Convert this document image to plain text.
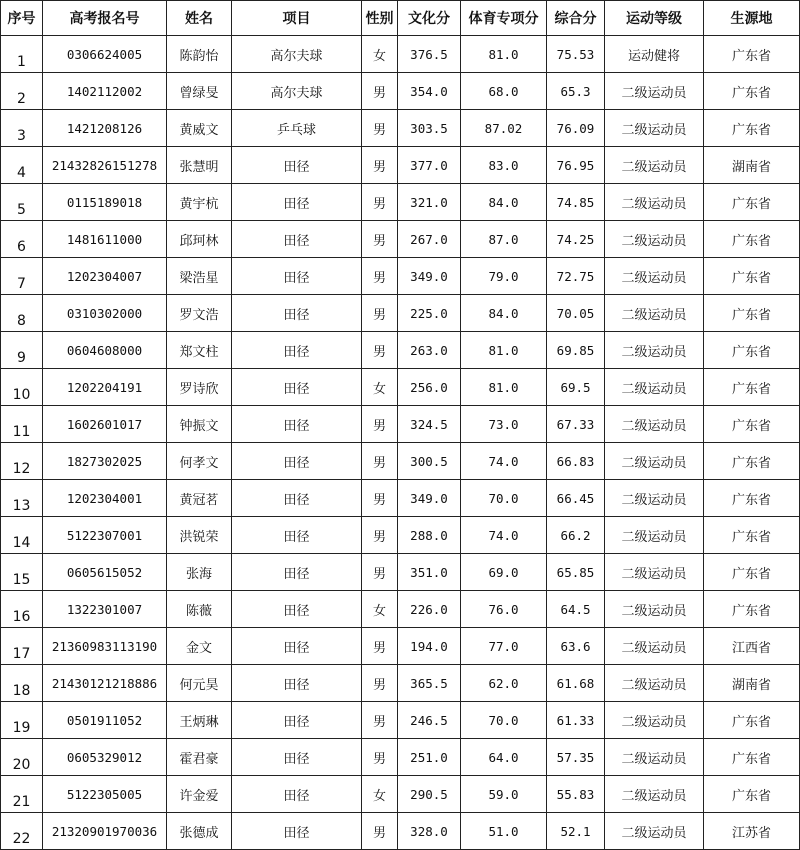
序号	高考报名号	姓名	项目	性别	文化分	体育专项分	综合分	运动等级	生源地
1	0306624005	陈韵怡	高尔夫球	女	376.5	81.0	75.53	运动健将	广东省
2	1402112002	曾绿旻	高尔夫球	男	354.0	68.0	65.3	二级运动员	广东省
3	1421208126	黄威文	乒乓球	男	303.5	87.02	76.09	二级运动员	广东省
4	21432826151278	张慧明	田径	男	377.0	83.0	76.95	二级运动员	湖南省
5	0115189018	黄宇杭	田径	男	321.0	84.0	74.85	二级运动员	广东省
6	1481611000	邱珂林	田径	男	267.0	87.0	74.25	二级运动员	广东省
7	1202304007	梁浩星	田径	男	349.0	79.0	72.75	二级运动员	广东省
8	0310302000	罗文浩	田径	男	225.0	84.0	70.05	二级运动员	广东省
9	0604608000	郑文柱	田径	男	263.0	81.0	69.85	二级运动员	广东省
10	1202204191	罗诗欣	田径	女	256.0	81.0	69.5	二级运动员	广东省
11	1602601017	钟振文	田径	男	324.5	73.0	67.33	二级运动员	广东省
12	1827302025	何孝文	田径	男	300.5	74.0	66.83	二级运动员	广东省
13	1202304001	黄冠茗	田径	男	349.0	70.0	66.45	二级运动员	广东省
14	5122307001	洪锐荣	田径	男	288.0	74.0	66.2	二级运动员	广东省
15	0605615052	张海	田径	男	351.0	69.0	65.85	二级运动员	广东省
16	1322301007	陈薇	田径	女	226.0	76.0	64.5	二级运动员	广东省
17	21360983113190	金文	田径	男	194.0	77.0	63.6	二级运动员	江西省
18	21430121218886	何元昊	田径	男	365.5	62.0	61.68	二级运动员	湖南省
19	0501911052	王炳琳	田径	男	246.5	70.0	61.33	二级运动员	广东省
20	0605329012	霍君豪	田径	男	251.0	64.0	57.35	二级运动员	广东省
21	5122305005	许金爱	田径	女	290.5	59.0	55.83	二级运动员	广东省
22	21320901970036	张德成	田径	男	328.0	51.0	52.1	二级运动员	江苏省
